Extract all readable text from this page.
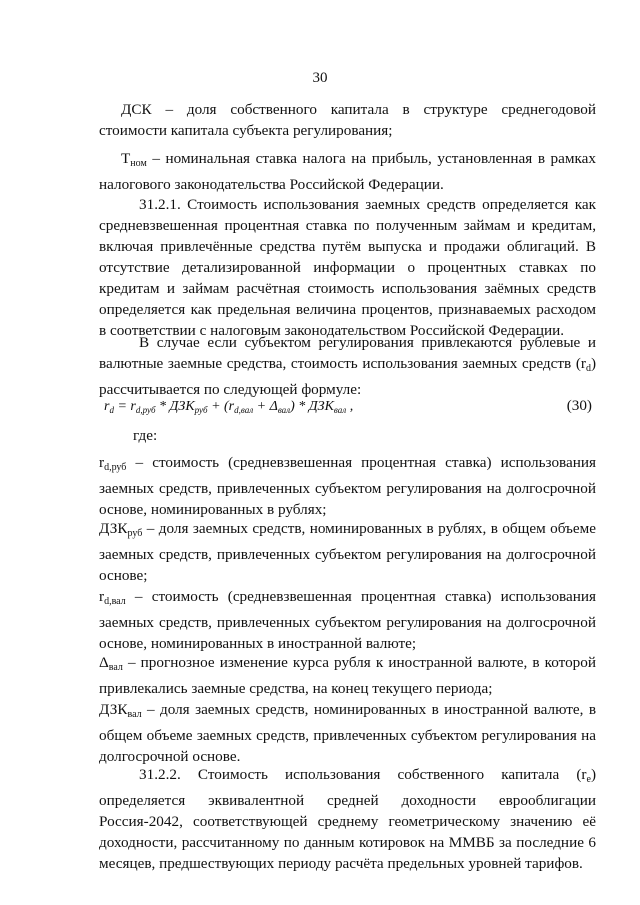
30

ДСК – доля собственного капитала в структуре среднегодовой стоимости капитала субъекта регулирования;

$Т_{ном}$ – номинальная ставка налога на прибыль, установленная в рамках налогового законодательства Российской Федерации.

31.2.1. Стоимость использования заемных средств определяется как средневзвешенная процентная ставка по полученным займам и кредитам, включая привлечённые средства путём выпуска и продажи облигаций. В отсутствие детализированной информации о процентных ставках по кредитам и займам расчётная стоимость использования заёмных средств определяется как предельная величина процентов, признаваемых расходом в соответствии с налоговым законодательством Российской Федерации.

В случае если субъектом регулирования привлекаются рублевые и валютные заемные средства, стоимость использования заемных средств $(r_d)$ рассчитывается по следующей формуле:

$r_d = r_{d,руб} * ДЗК_{руб} + (r_{d,вал} + \Delta_{вал}) * ДЗК_{вал}$ ,	(30)
где:

$r_{d,руб}$ – стоимость (средневзвешенная процентная ставка) использования заемных средств, привлеченных субъектом регулирования на долгосрочной основе, номинированных в рублях;

$ДЗК_{руб}$ – доля заемных средств, номинированных в рублях, в общем объеме заемных средств, привлеченных субъектом регулирования на долгосрочной основе;

$r_{d,вал}$ – стоимость (средневзвешенная процентная ставка) использования заемных средств, привлеченных субъектом регулирования на долгосрочной основе, номинированных в иностранной валюте;

$\Delta_{вал}$ – прогнозное изменение курса рубля к иностранной валюте, в которой привлекались заемные средства, на конец текущего периода;

$ДЗК_{вал}$ – доля заемных средств, номинированных в иностранной валюте, в общем объеме заемных средств, привлеченных субъектом регулирования на долгосрочной основе.

31.2.2. Стоимость использования собственного капитала $(r_e)$ определяется эквивалентной средней доходности еврооблигации Россия-2042, соответствующей среднему геометрическому значению её доходности, рассчитанному по данным котировок на ММВБ за последние 6 месяцев, предшествующих периоду расчёта предельных уровней тарифов.
